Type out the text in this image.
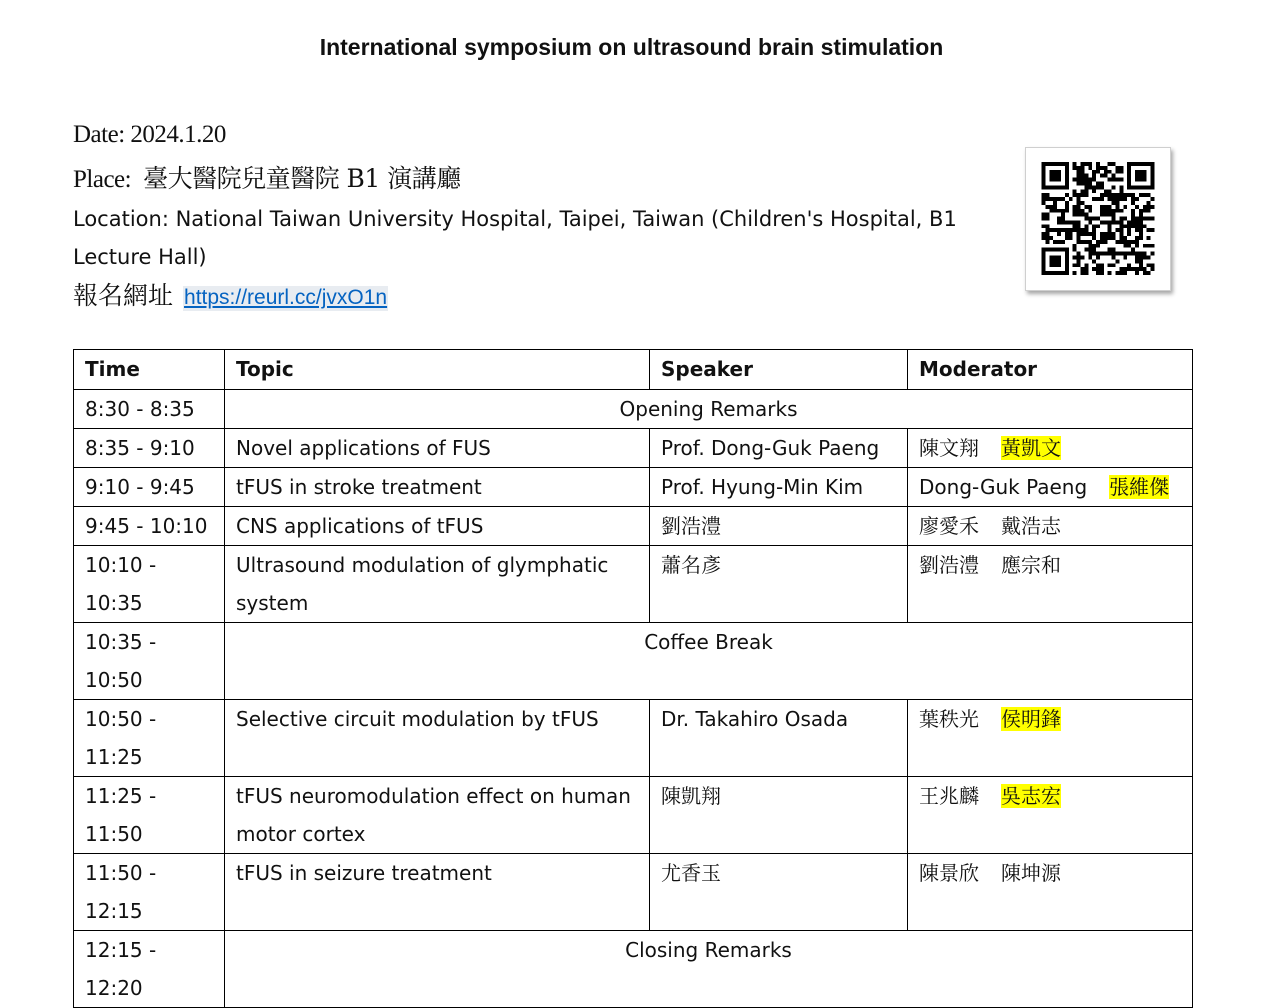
International symposium on ultrasound brain stimulation
Date: 2024.1.20
Place: 臺大醫院兒童醫院 B1 演講廳
Location: National Taiwan University Hospital, Taipei, Taiwan (Children's Hospital, B1 Lecture Hall)
報名網址 https://reurl.cc/jvxO1n
Time	Topic	Speaker	Moderator
8:30 - 8:35	Opening Remarks		
8:35 - 9:10	Novel applications of FUS	Prof. Dong-Guk Paeng	陳文翔 黃凱文
9:10 - 9:45	tFUS in stroke treatment	Prof. Hyung-Min Kim	Dong-Guk Paeng 張維傑
9:45 - 10:10	CNS applications of tFUS	劉浩澧	廖愛禾 戴浩志
10:10 - 10:35	Ultrasound modulation of glymphatic system	蕭名彥	劉浩澧 應宗和
10:35 - 10:50	Coffee Break		
10:50 - 11:25	Selective circuit modulation by tFUS	Dr. Takahiro Osada	葉秩光 侯明鋒
11:25 - 11:50	tFUS neuromodulation effect on human motor cortex	陳凱翔	王兆麟 吳志宏
11:50 - 12:15	tFUS in seizure treatment	尤香玉	陳景欣 陳坤源
12:15 - 12:20	Closing Remarks		
